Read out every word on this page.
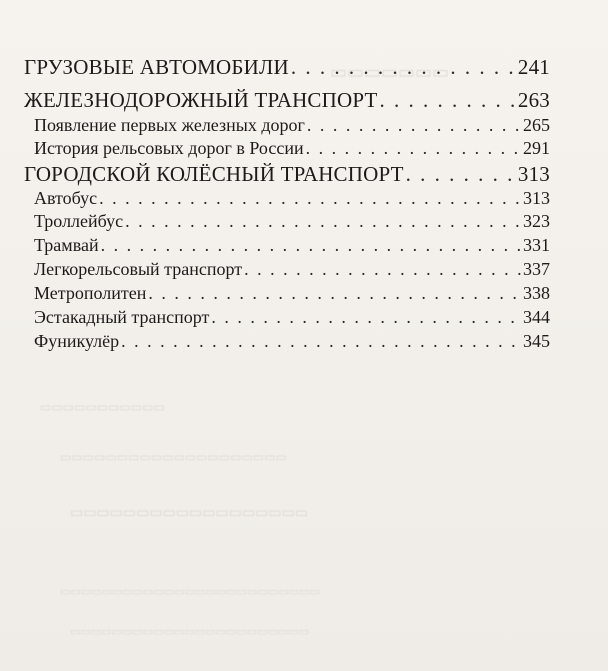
▭▭▭▭▭▭▭
▭▭▭▭▭▭▭▭▭▭▭
▭▭▭▭▭▭▭▭▭▭▭▭▭▭▭▭▭▭▭▭
▭▭▭▭▭▭▭▭▭▭▭▭▭▭▭▭▭▭
▭▭▭▭▭▭▭▭▭▭▭▭▭▭▭▭▭▭▭▭▭▭▭▭▭
▭▭▭▭▭▭▭▭▭▭▭▭▭▭▭▭▭▭▭▭▭▭▭
ГРУЗОВЫЕ АВТОМОБИЛИ . . .	241
ЖЕЛЕЗНОДОРОЖНЫЙ ТРАНСПОРТ . . .	263
Появление первых железных дорог . . .	265
История рельсовых дорог в России . . .	291
ГОРОДСКОЙ КОЛЁСНЫЙ ТРАНСПОРТ . . .	313
Автобус . . .	313
Троллейбус . . .	323
Трамвай . . .	331
Легкорельсовый транспорт . . .	337
Метрополитен . . .	338
Эстакадный транспорт . . .	344
Фуникулёр . . .	345
